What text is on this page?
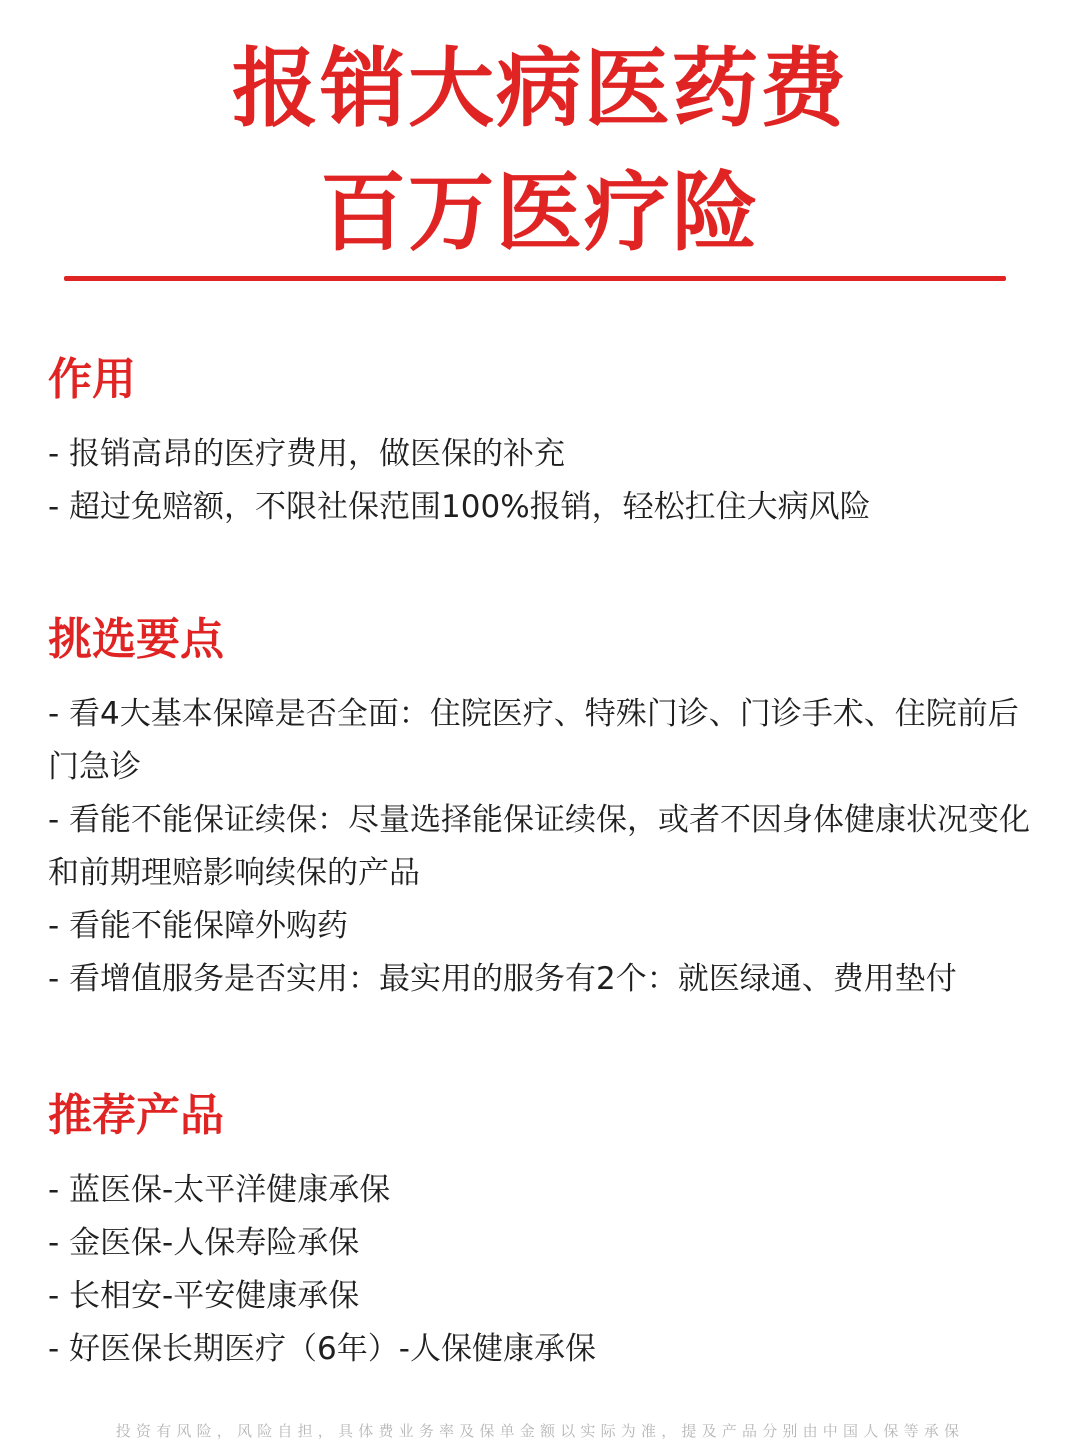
报销大病医药费
百万医疗险
作用
- 报销高昂的医疗费用，做医保的补充
- 超过免赔额，不限社保范围100%报销，轻松扛住大病风险
挑选要点
- 看4大基本保障是否全面：住院医疗、特殊门诊、门诊手术、住院前后门急诊
- 看能不能保证续保：尽量选择能保证续保，或者不因身体健康状况变化和前期理赔影响续保的产品
- 看能不能保障外购药
- 看增值服务是否实用：最实用的服务有2个：就医绿通、费用垫付
推荐产品
- 蓝医保-太平洋健康承保
- 金医保-人保寿险承保
- 长相安-平安健康承保
- 好医保长期医疗（6年）-人保健康承保
投资有风险，风险自担，具体费业务率及保单金额以实际为准，提及产品分别由中国人保等承保
